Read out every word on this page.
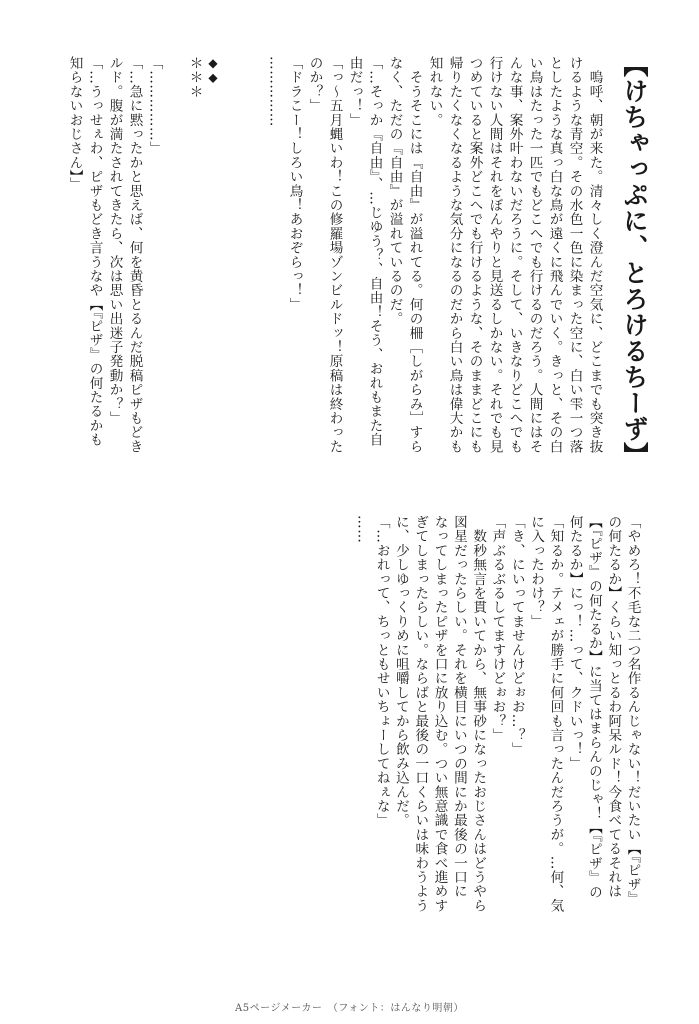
【けちゃっぷに、とろけるちーず】
　嗚呼、朝が来た。清々しく澄んだ空気に、どこまでも突き抜
けるような青空。その水色一色に染まった空に、白い雫一つ落
としたような真っ白な鳥が遠くに飛んでいく。きっと、その白
い鳥はたった一匹でもどこへでも行けるのだろう。人間にはそ
んな事、案外叶わないだろうに。そして、いきなりどこへでも
行けない人間はそれをぼんやりと見送るしかない。それでも見
つめていると案外どこへでも行けるような、そのままどこにも
帰りたくなくなるような気分になるのだから白い鳥は偉大かも
知れない。
　そうそこには『自由』が溢れてる。何の柵［しがらみ］すら
なく、ただの『自由』が溢れているのだ。
「…そっか『自由』、…じゆう？、自由！そう、おれもまた自
由だっ！」
「っ～五月蝿いわ！この修羅場ゾンビルドッ！原稿は終わった
のか？」
「ドラこー！しろい鳥！あおぞらっ！」
……………
◆◆
＊＊＊
「……………」
「…急に黙ったかと思えば、何を黄昏とるんだ脱稿ピザもどき
ルド。腹が満たされてきたら、次は思い出迷子発動か？」
「…うっせぇわ、ピザもどき言うなや【『ピザ』の何たるかも
知らないおじさん】」
「やめろ！不毛な二つ名作るんじゃない！だいたい【『ピザ』
の何たるか】くらい知っとるわ阿呆ルド！今食べてるそれは
【『ピザ』の何たるか】に当てはまらんのじゃ！【『ピザ』の
何たるか】にっ！…って、クドいっ！」
「知るか。テメェが勝手に何回も言ったんだろうが。…何、気
に入ったわけ？」
「き、にいってませんけどぉお…？」
「声ぶるぶるしてますけどぉお？」
　数秒無言を貫いてから、無事砂になったおじさんはどうやら
図星だったらしい。それを横目にいつの間にか最後の一口に
なってしまったピザを口に放り込む。つい無意識で食べ進めす
ぎてしまったらしい。ならばと最後の一口くらいは味わうよう
に、少しゆっくりめに咀嚼してから飲み込んだ。
「…おれって、ちっともせいちょーしてねぇな」
……
A5ページメーカー　（フォント：はんなり明朝）
